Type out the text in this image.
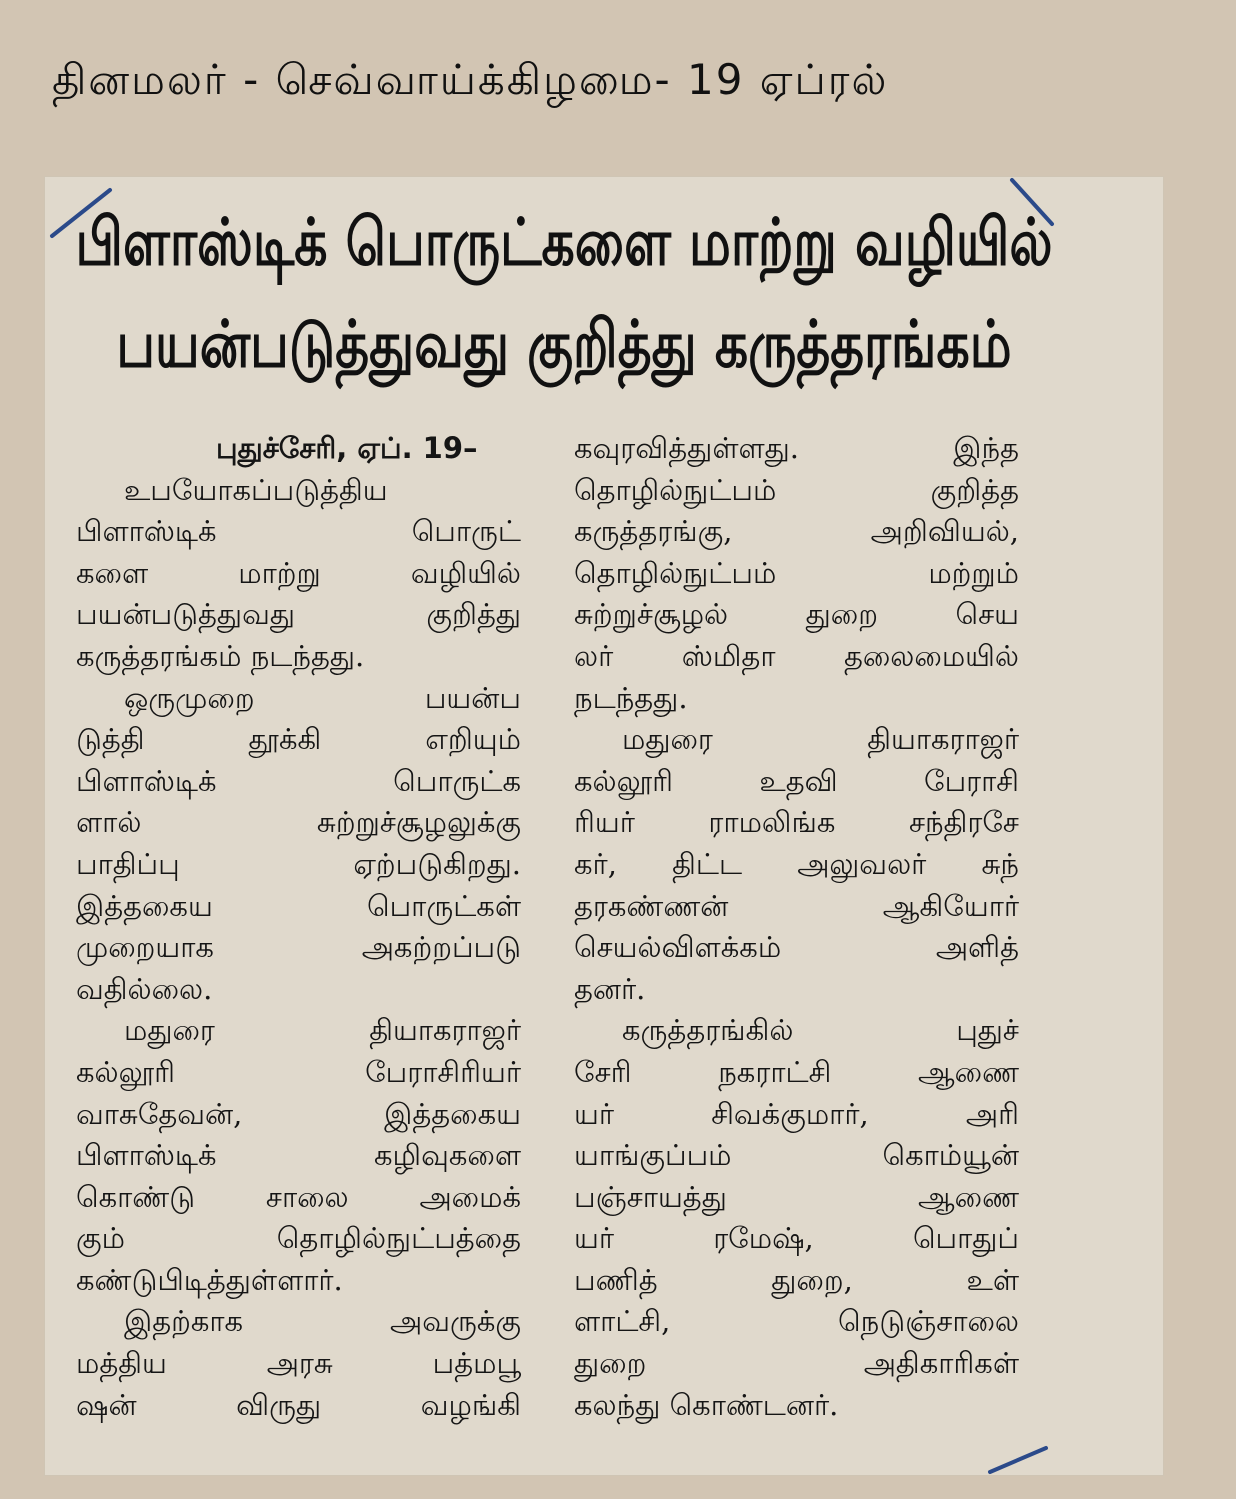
தினமலர் - செவ்வாய்க்கிழமை- 19 ஏப்ரல்
பிளாஸ்டிக் பொருட்களை மாற்று வழியில்
பயன்படுத்துவது குறித்து கருத்தரங்கம்
புதுச்சேரி, ஏப். 19–
உபயோகப்படுத்திய
பிளாஸ்டிக் பொருட்
களை மாற்று வழியில்
பயன்படுத்துவது குறித்து
கருத்தரங்கம் நடந்தது.
ஒருமுறை பயன்ப
டுத்தி தூக்கி எறியும்
பிளாஸ்டிக் பொருட்க
ளால் சுற்றுச்சூழலுக்கு
பாதிப்பு ஏற்படுகிறது.
இத்தகைய பொருட்கள்
முறையாக அகற்றப்படு
வதில்லை.
மதுரை தியாகராஜர்
கல்லூரி பேராசிரியர்
வாசுதேவன், இத்தகைய
பிளாஸ்டிக் கழிவுகளை
கொண்டு சாலை அமைக்
கும் தொழில்நுட்பத்தை
கண்டுபிடித்துள்ளார்.
இதற்காக அவருக்கு
மத்திய அரசு பத்மபூ
ஷன் விருது வழங்கி
கவுரவித்துள்ளது. இந்த
தொழில்நுட்பம் குறித்த
கருத்தரங்கு, அறிவியல்,
தொழில்நுட்பம் மற்றும்
சுற்றுச்சூழல் துறை செய
லர் ஸ்மிதா தலைமையில்
நடந்தது.
மதுரை தியாகராஜர்
கல்லூரி உதவி பேராசி
ரியர் ராமலிங்க சந்திரசே
கர், திட்ட அலுவலர் சுந்
தரகண்ணன் ஆகியோர்
செயல்விளக்கம் அளித்
தனர்.
கருத்தரங்கில் புதுச்
சேரி நகராட்சி ஆணை
யர் சிவக்குமார், அரி
யாங்குப்பம் கொம்யூன்
பஞ்சாயத்து ஆணை
யர் ரமேஷ், பொதுப்
பணித் துறை, உள்
ளாட்சி, நெடுஞ்சாலை
துறை அதிகாரிகள்
கலந்து கொண்டனர்.
